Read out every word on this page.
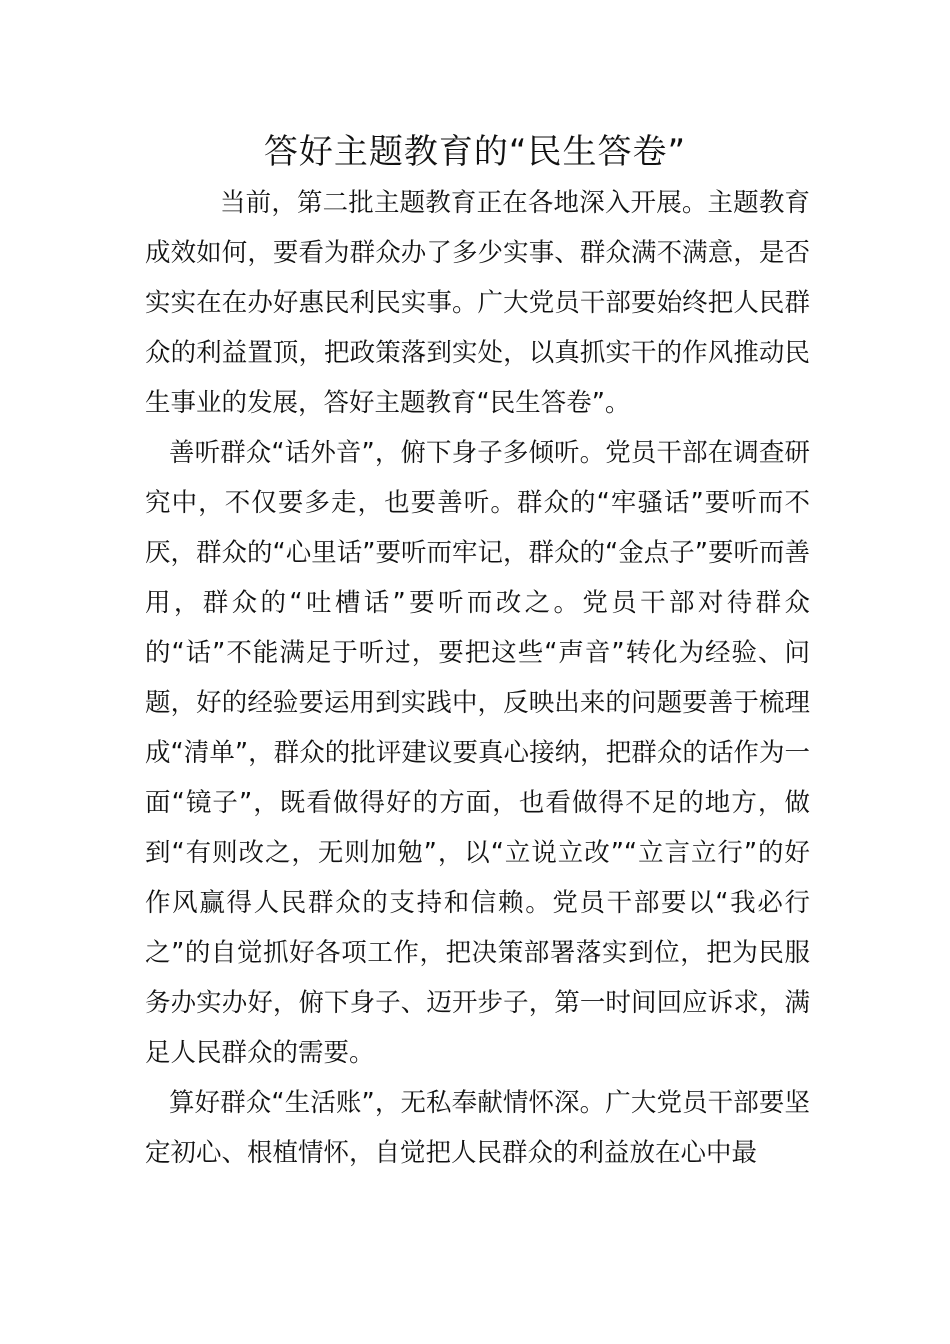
答好主题教育的“民生答卷”

当前，第二批主题教育正在各地深入开展。主题教育成效如何，要看为群众办了多少实事、群众满不满意，是否实实在在办好惠民利民实事。广大党员干部要始终把人民群众的利益置顶，把政策落到实处，以真抓实干的作风推动民生事业的发展，答好主题教育“民生答卷”。

善听群众“话外音”，俯下身子多倾听。党员干部在调查研究中，不仅要多走，也要善听。群众的“牢骚话”要听而不厌，群众的“心里话”要听而牢记，群众的“金点子”要听而善用，群众的“吐槽话”要听而改之。党员干部对待群众的“话”不能满足于听过，要把这些“声音”转化为经验、问题，好的经验要运用到实践中，反映出来的问题要善于梳理成“清单”，群众的批评建议要真心接纳，把群众的话作为一面“镜子”，既看做得好的方面，也看做得不足的地方，做到“有则改之，无则加勉”，以“立说立改”“立言立行”的好作风赢得人民群众的支持和信赖。党员干部要以“我必行之”的自觉抓好各项工作，把决策部署落实到位，把为民服务办实办好，俯下身子、迈开步子，第一时间回应诉求，满足人民群众的需要。

算好群众“生活账”，无私奉献情怀深。广大党员干部要坚定初心、根植情怀，自觉把人民群众的利益放在心中最
